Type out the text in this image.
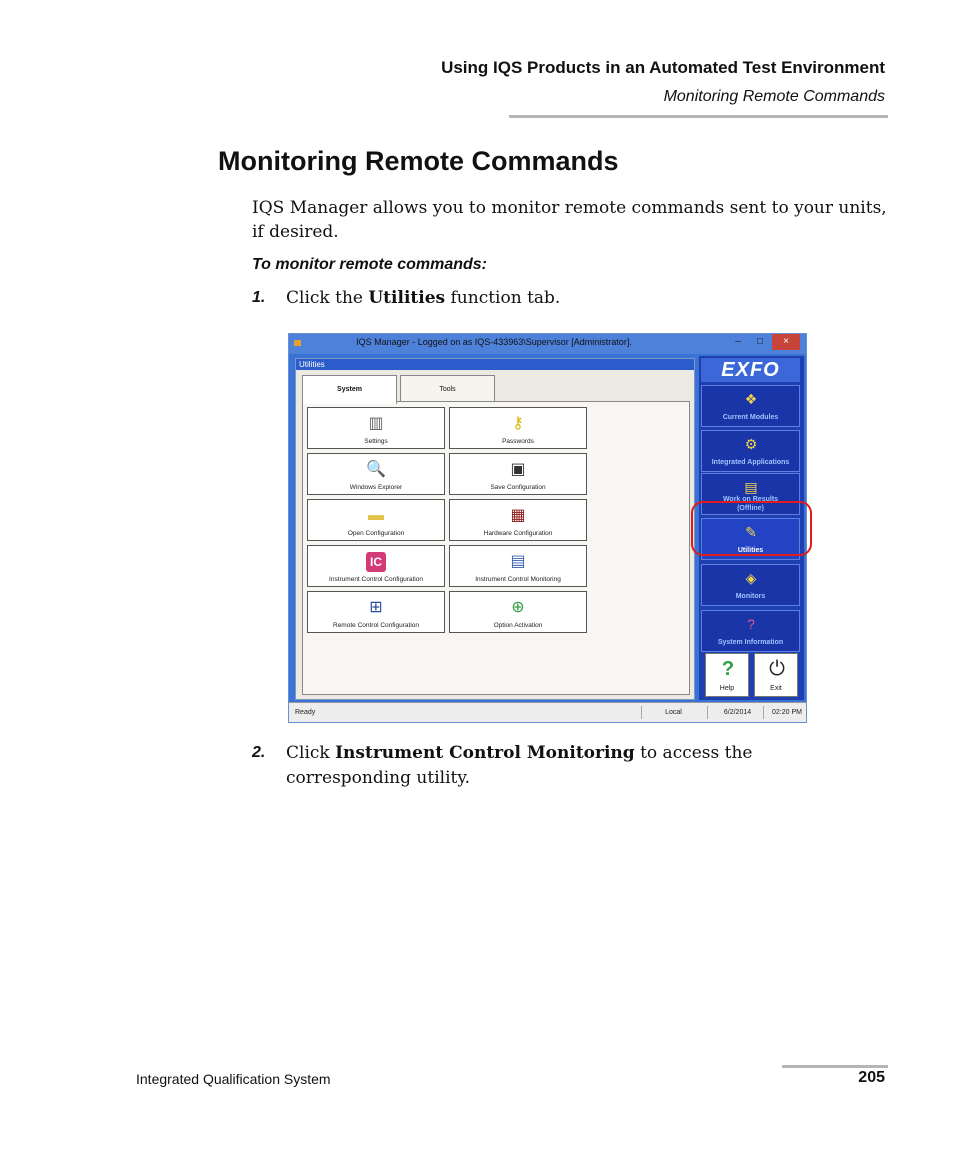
Using IQS Products in an Automated Test Environment
Monitoring Remote Commands
Monitoring Remote Commands
IQS Manager allows you to monitor remote commands sent to your units, if desired.
To monitor remote commands:
1. Click the Utilities function tab.
IQS Manager - Logged on as IQS-433963\Supervisor [Administrator].	–	□	×
Utilities
System	Tools
▥
Settings
⚷
Passwords
🔍
Windows Explorer
▣
Save Configuration
▬
Open Configuration
▦
Hardware Configuration
IC
Instrument Control Configuration
▤
Instrument Control Monitoring
⊞
Remote Control Configuration
⊕
Option Activation
EXFO
❖
Current Modules
⚙
Integrated Applications
▤
Work on Results
(Offline)
✎
Utilities
◈
Monitors
?
System Information
?
Help
⏻
Exit
Ready	Local	6/2/2014	02:20 PM
2. Click Instrument Control Monitoring to access the corresponding utility.
Integrated Qualification System	205
